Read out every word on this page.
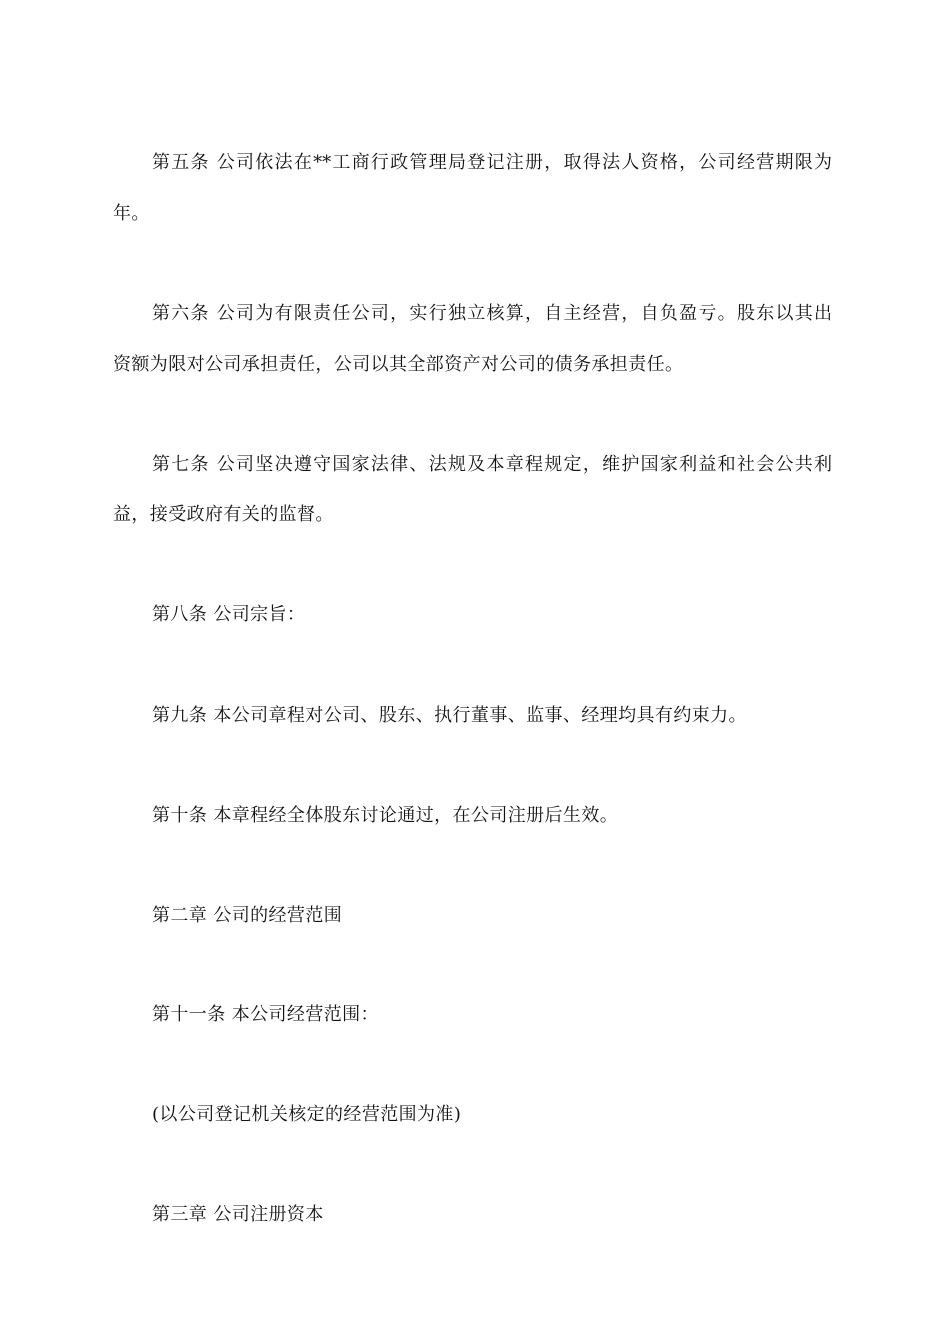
第五条 公司依法在**工商行政管理局登记注册，取得法人资格，公司经营期限为
年。
第六条 公司为有限责任公司，实行独立核算，自主经营，自负盈亏。股东以其出
资额为限对公司承担责任，公司以其全部资产对公司的债务承担责任。
第七条 公司坚决遵守国家法律、法规及本章程规定，维护国家利益和社会公共利
益，接受政府有关的监督。
第八条 公司宗旨：
第九条 本公司章程对公司、股东、执行董事、监事、经理均具有约束力。
第十条 本章程经全体股东讨论通过，在公司注册后生效。
第二章 公司的经营范围
第十一条 本公司经营范围：
(以公司登记机关核定的经营范围为准)
第三章 公司注册资本
